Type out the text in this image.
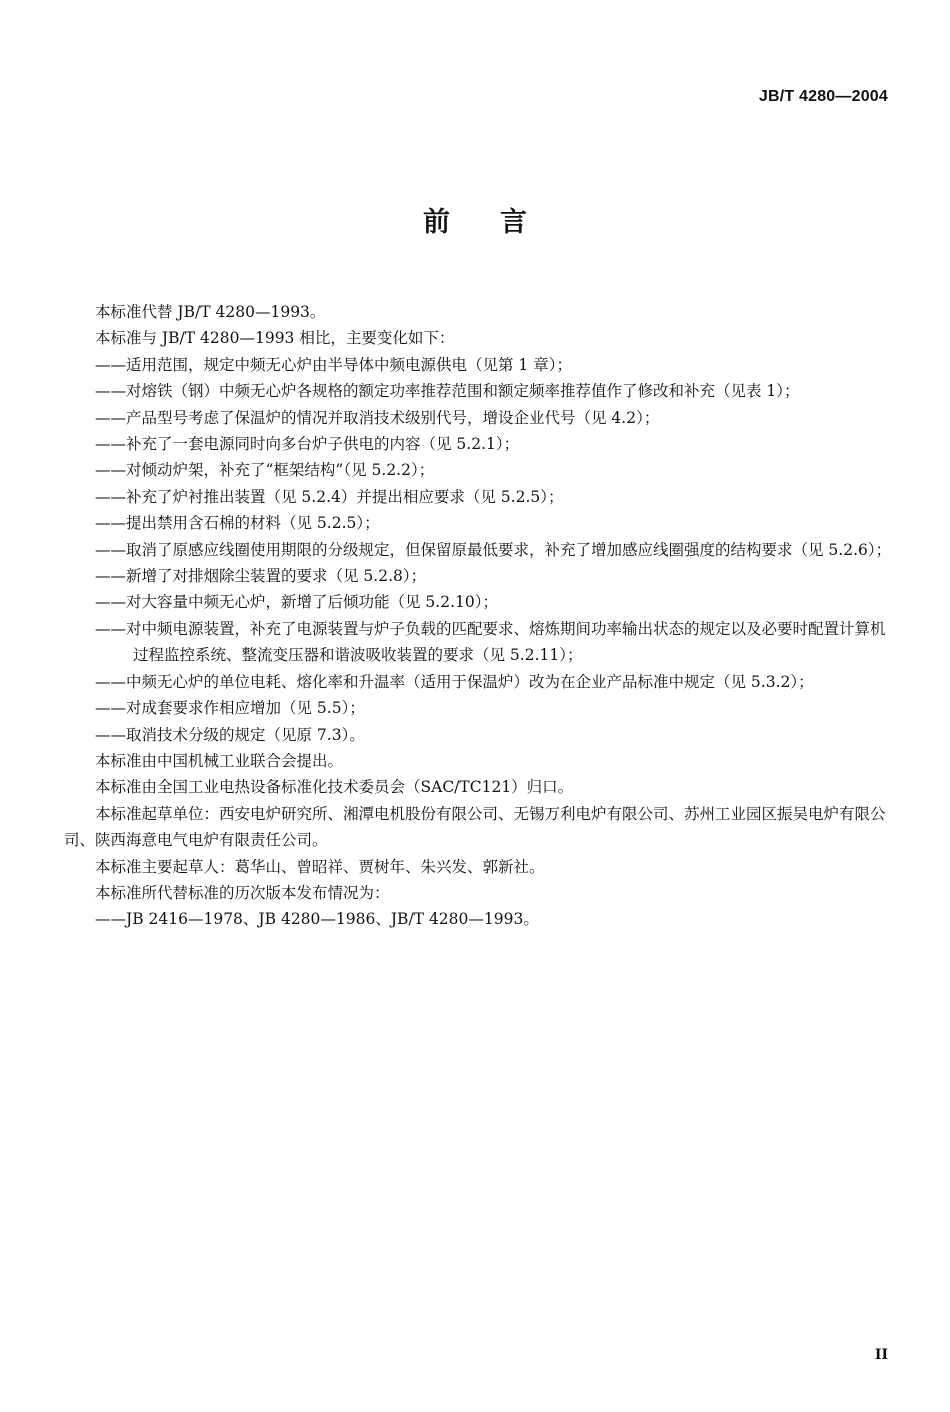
JB/T 4280—2004
前言
本标准代替 JB/T 4280—1993。
本标准与 JB/T 4280—1993 相比，主要变化如下：
——适用范围，规定中频无心炉由半导体中频电源供电（见第 1 章）；
——对熔铁（钢）中频无心炉各规格的额定功率推荐范围和额定频率推荐值作了修改和补充（见表 1）；
——产品型号考虑了保温炉的情况并取消技术级别代号，增设企业代号（见 4.2）；
——补充了一套电源同时向多台炉子供电的内容（见 5.2.1）；
——对倾动炉架，补充了“框架结构”（见 5.2.2）；
——补充了炉衬推出装置（见 5.2.4）并提出相应要求（见 5.2.5）；
——提出禁用含石棉的材料（见 5.2.5）；
——取消了原感应线圈使用期限的分级规定，但保留原最低要求，补充了增加感应线圈强度的结构要求（见 5.2.6）；
——新增了对排烟除尘装置的要求（见 5.2.8）；
——对大容量中频无心炉，新增了后倾功能（见 5.2.10）；
——对中频电源装置，补充了电源装置与炉子负载的匹配要求、熔炼期间功率输出状态的规定以及必要时配置计算机过程监控系统、整流变压器和谐波吸收装置的要求（见 5.2.11）；
——中频无心炉的单位电耗、熔化率和升温率（适用于保温炉）改为在企业产品标准中规定（见 5.3.2）；
——对成套要求作相应增加（见 5.5）；
——取消技术分级的规定（见原 7.3）。
本标准由中国机械工业联合会提出。
本标准由全国工业电热设备标准化技术委员会（SAC/TC121）归口。
本标准起草单位：西安电炉研究所、湘潭电机股份有限公司、无锡万利电炉有限公司、苏州工业园区振吴电炉有限公司、陕西海意电气电炉有限责任公司。
本标准主要起草人：葛华山、曾昭祥、贾树年、朱兴发、郭新社。
本标准所代替标准的历次版本发布情况为：
——JB 2416—1978、JB 4280—1986、JB/T 4280—1993。
II
